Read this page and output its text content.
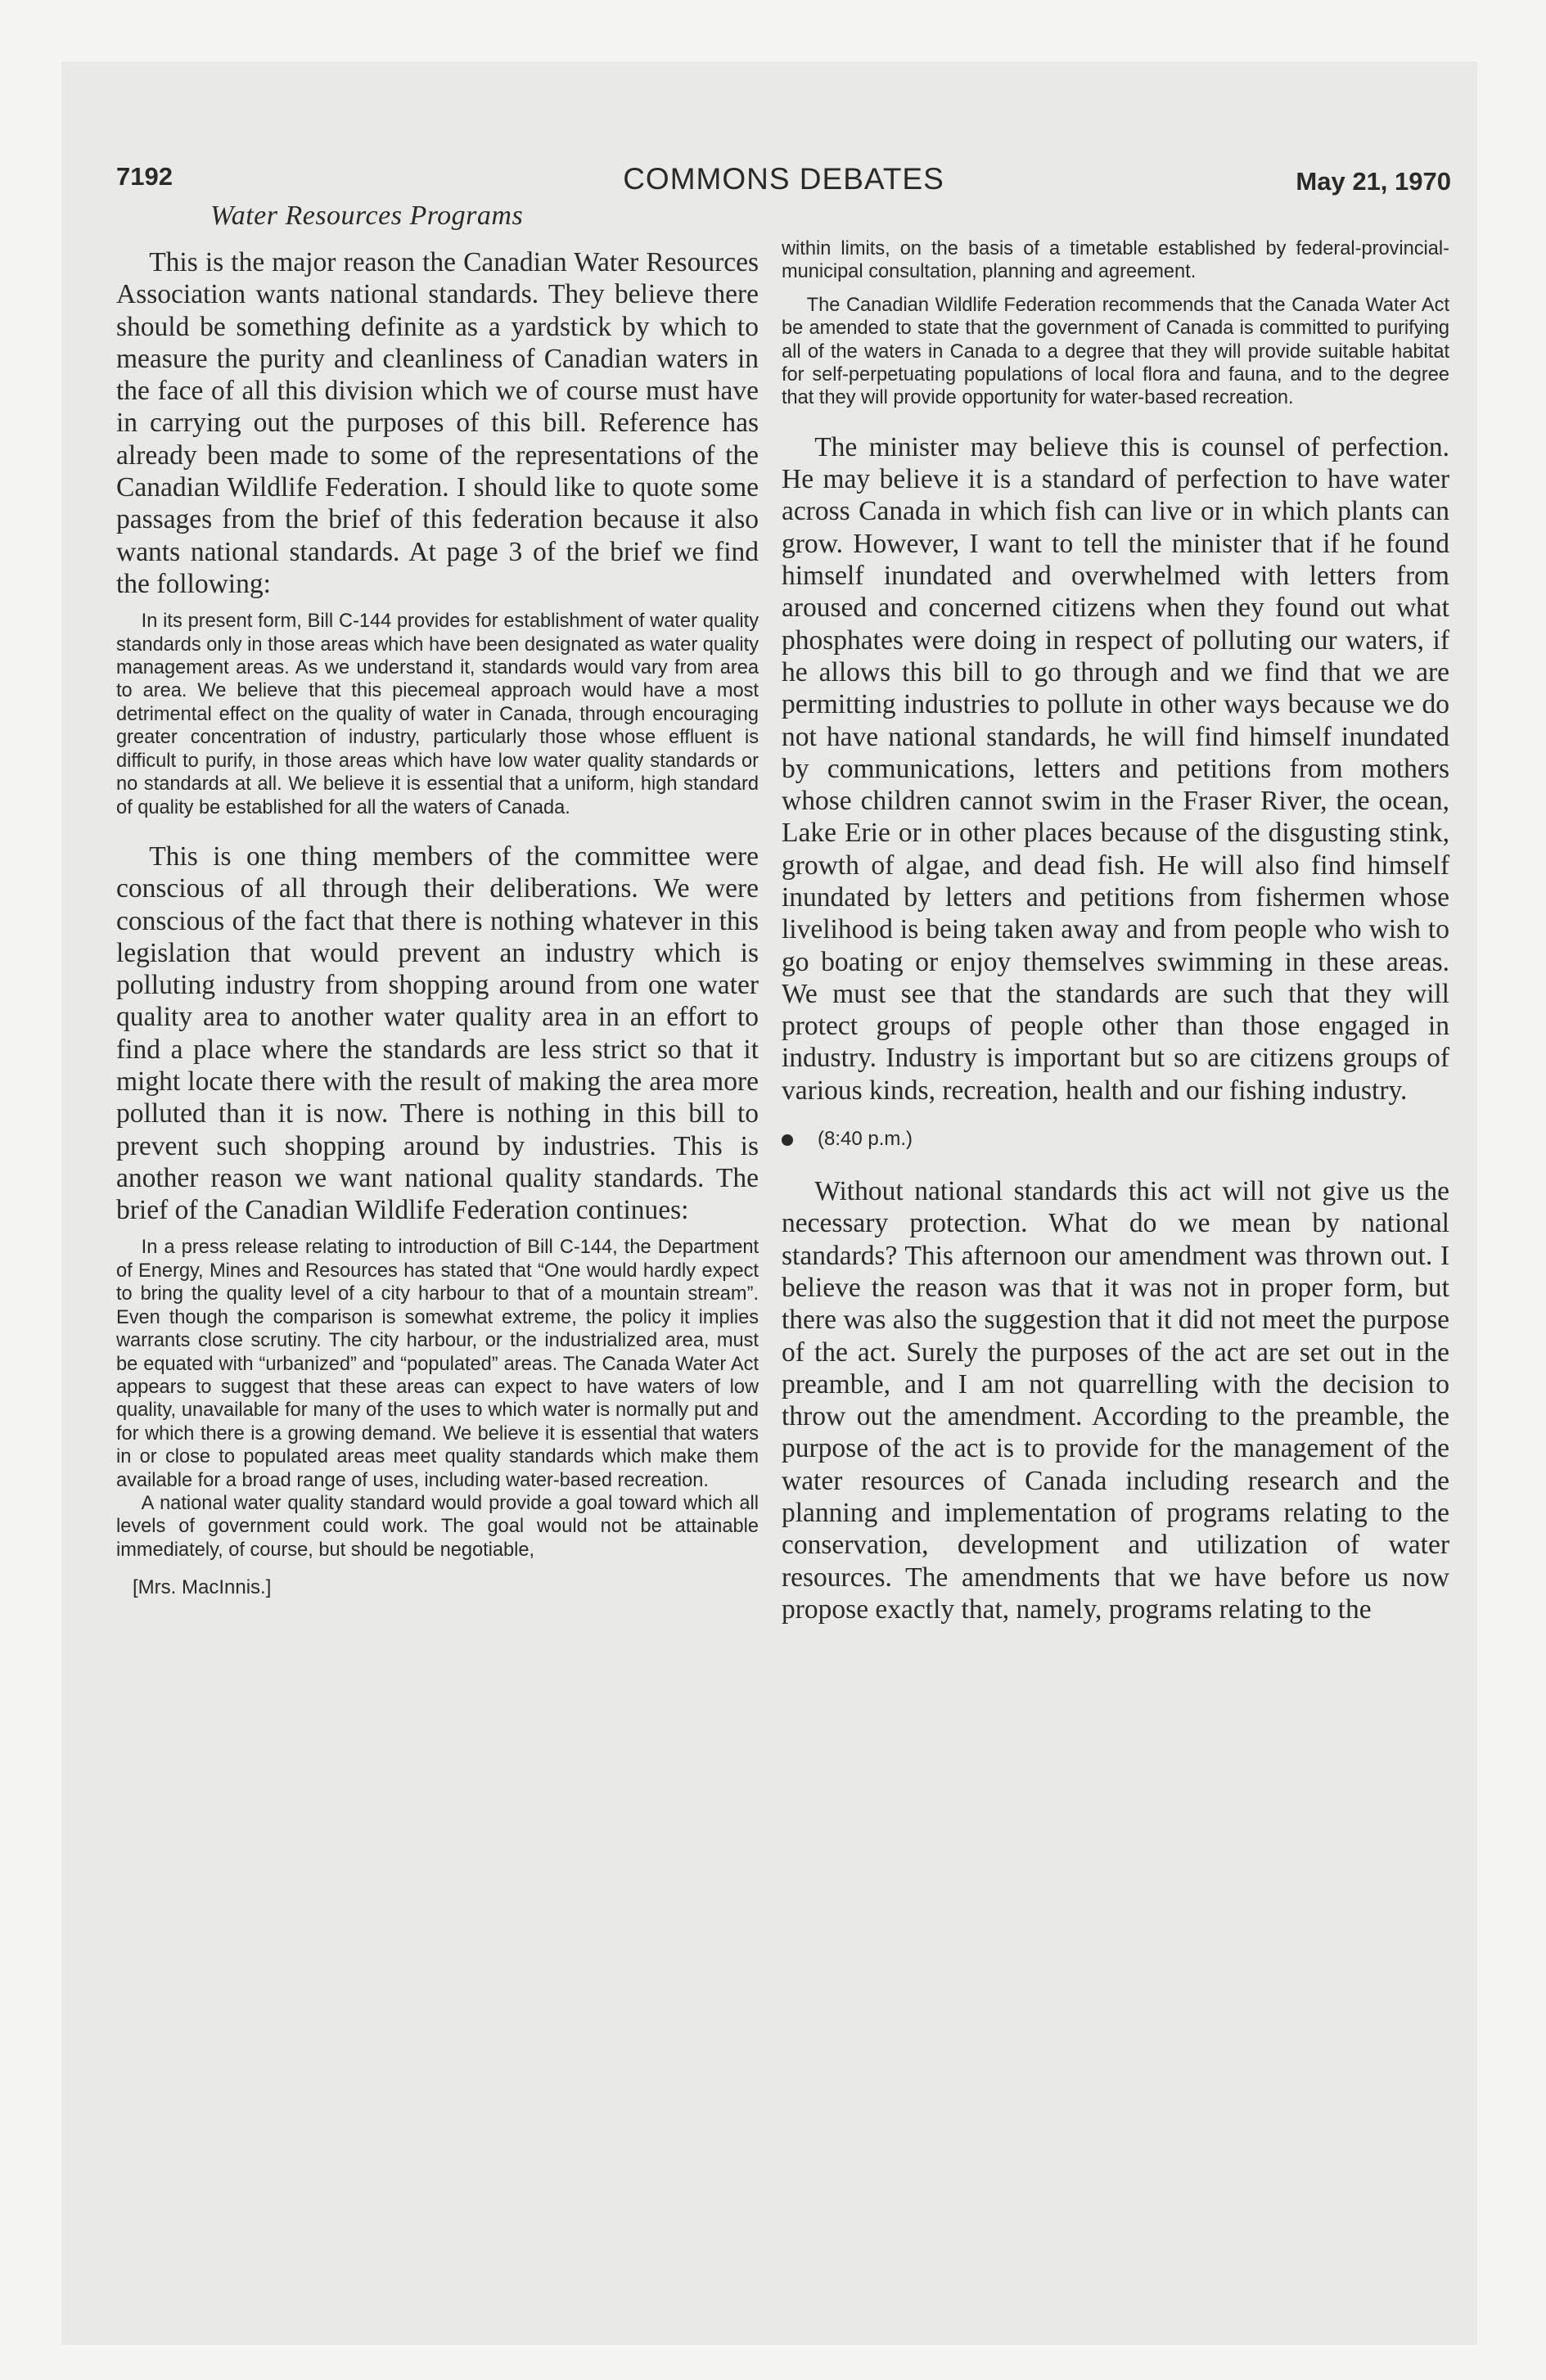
7192	COMMONS DEBATES	May 21, 1970
Water Resources Programs

This is the major reason the Canadian Water Resources Association wants national standards. They believe there should be something definite as a yardstick by which to measure the purity and cleanliness of Canadian waters in the face of all this division which we of course must have in carrying out the purposes of this bill. Reference has already been made to some of the representations of the Canadian Wildlife Federation. I should like to quote some passages from the brief of this federation because it also wants national standards. At page 3 of the brief we find the following:

In its present form, Bill C-144 provides for establishment of water quality standards only in those areas which have been designated as water quality management areas. As we understand it, standards would vary from area to area. We believe that this piecemeal approach would have a most detrimental effect on the quality of water in Canada, through encouraging greater concentration of industry, particularly those whose effluent is difficult to purify, in those areas which have low water quality standards or no standards at all. We believe it is essential that a uniform, high standard of quality be established for all the waters of Canada.

This is one thing members of the committee were conscious of all through their deliberations. We were conscious of the fact that there is nothing whatever in this legislation that would prevent an industry which is polluting industry from shopping around from one water quality area to another water quality area in an effort to find a place where the standards are less strict so that it might locate there with the result of making the area more polluted than it is now. There is nothing in this bill to prevent such shopping around by industries. This is another reason we want national quality standards. The brief of the Canadian Wildlife Federation continues:

In a press release relating to introduction of Bill C-144, the Department of Energy, Mines and Resources has stated that “One would hardly expect to bring the quality level of a city harbour to that of a mountain stream”. Even though the comparison is somewhat extreme, the policy it implies warrants close scrutiny. The city harbour, or the industrialized area, must be equated with “urbanized” and “populated” areas. The Canada Water Act appears to suggest that these areas can expect to have waters of low quality, unavailable for many of the uses to which water is normally put and for which there is a growing demand. We believe it is essential that waters in or close to populated areas meet quality standards which make them available for a broad range of uses, including water-based recreation.

A national water quality standard would provide a goal toward which all levels of government could work. The goal would not be attainable immediately, of course, but should be negotiable,

[Mrs. MacInnis.]

within limits, on the basis of a timetable established by federal-provincial-municipal consultation, planning and agreement.

The Canadian Wildlife Federation recommends that the Canada Water Act be amended to state that the government of Canada is committed to purifying all of the waters in Canada to a degree that they will provide suitable habitat for self-perpetuating populations of local flora and fauna, and to the degree that they will provide opportunity for water-based recreation.

The minister may believe this is counsel of perfection. He may believe it is a standard of perfection to have water across Canada in which fish can live or in which plants can grow. However, I want to tell the minister that if he found himself inundated and overwhelmed with letters from aroused and concerned citizens when they found out what phosphates were doing in respect of polluting our waters, if he allows this bill to go through and we find that we are permitting industries to pollute in other ways because we do not have national standards, he will find himself inundated by communications, letters and petitions from mothers whose children cannot swim in the Fraser River, the ocean, Lake Erie or in other places because of the disgusting stink, growth of algae, and dead fish. He will also find himself inundated by letters and petitions from fishermen whose livelihood is being taken away and from people who wish to go boating or enjoy themselves swimming in these areas. We must see that the standards are such that they will protect groups of people other than those engaged in industry. Industry is important but so are citizens groups of various kinds, recreation, health and our fishing industry.

(8:40 p.m.)

Without national standards this act will not give us the necessary protection. What do we mean by national standards? This afternoon our amendment was thrown out. I believe the reason was that it was not in proper form, but there was also the suggestion that it did not meet the purpose of the act. Surely the purposes of the act are set out in the preamble, and I am not quarrelling with the decision to throw out the amendment. According to the preamble, the purpose of the act is to provide for the management of the water resources of Canada including research and the planning and implementation of programs relating to the conservation, development and utilization of water resources. The amendments that we have before us now propose exactly that, namely, programs relating to the
